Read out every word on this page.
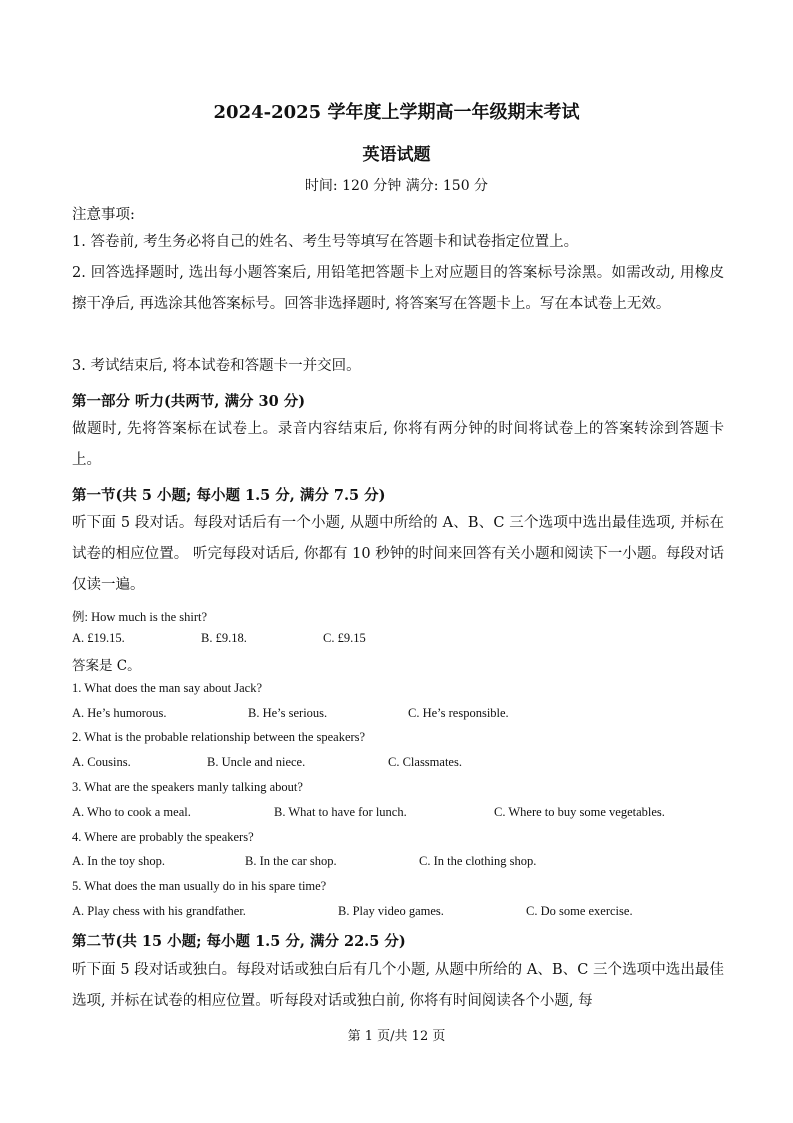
2024-2025 学年度上学期高一年级期末考试
英语试题
时间: 120 分钟 满分: 150 分
注意事项:
1. 答卷前, 考生务必将自己的姓名、考生号等填写在答题卡和试卷指定位置上。
2. 回答选择题时, 选出每小题答案后, 用铅笔把答题卡上对应题目的答案标号涂黑。如需改动, 用橡皮擦干净后, 再选涂其他答案标号。回答非选择题时, 将答案写在答题卡上。写在本试卷上无效。
3. 考试结束后, 将本试卷和答题卡一并交回。
第一部分 听力(共两节, 满分 30 分)
做题时, 先将答案标在试卷上。录音内容结束后, 你将有两分钟的时间将试卷上的答案转涂到答题卡上。
第一节(共 5 小题; 每小题 1.5 分, 满分 7.5 分)
听下面 5 段对话。每段对话后有一个小题, 从题中所给的 A、B、C 三个选项中选出最佳选项, 并标在试卷的相应位置。 听完每段对话后, 你都有 10 秒钟的时间来回答有关小题和阅读下一小题。每段对话仅读一遍。
例: How much is the shirt?
A. £19.15.	B. £9.18.	C. £9.15
答案是 C。
1. What does the man say about Jack?
A. He’s humorous.	B. He’s serious.	C. He’s responsible.
2. What is the probable relationship between the speakers?
A. Cousins.	B. Uncle and niece.	C. Classmates.
3. What are the speakers manly talking about?
A. Who to cook a meal.	B. What to have for lunch.	C. Where to buy some vegetables.
4. Where are probably the speakers?
A. In the toy shop.	B. In the car shop.	C. In the clothing shop.
5. What does the man usually do in his spare time?
A. Play chess with his grandfather.	B. Play video games.	C. Do some exercise.
第二节(共 15 小题; 每小题 1.5 分, 满分 22.5 分)
听下面 5 段对话或独白。每段对话或独白后有几个小题, 从题中所给的 A、B、C 三个选项中选出最佳选项, 并标在试卷的相应位置。听每段对话或独白前, 你将有时间阅读各个小题, 每
第 1 页/共 12 页
